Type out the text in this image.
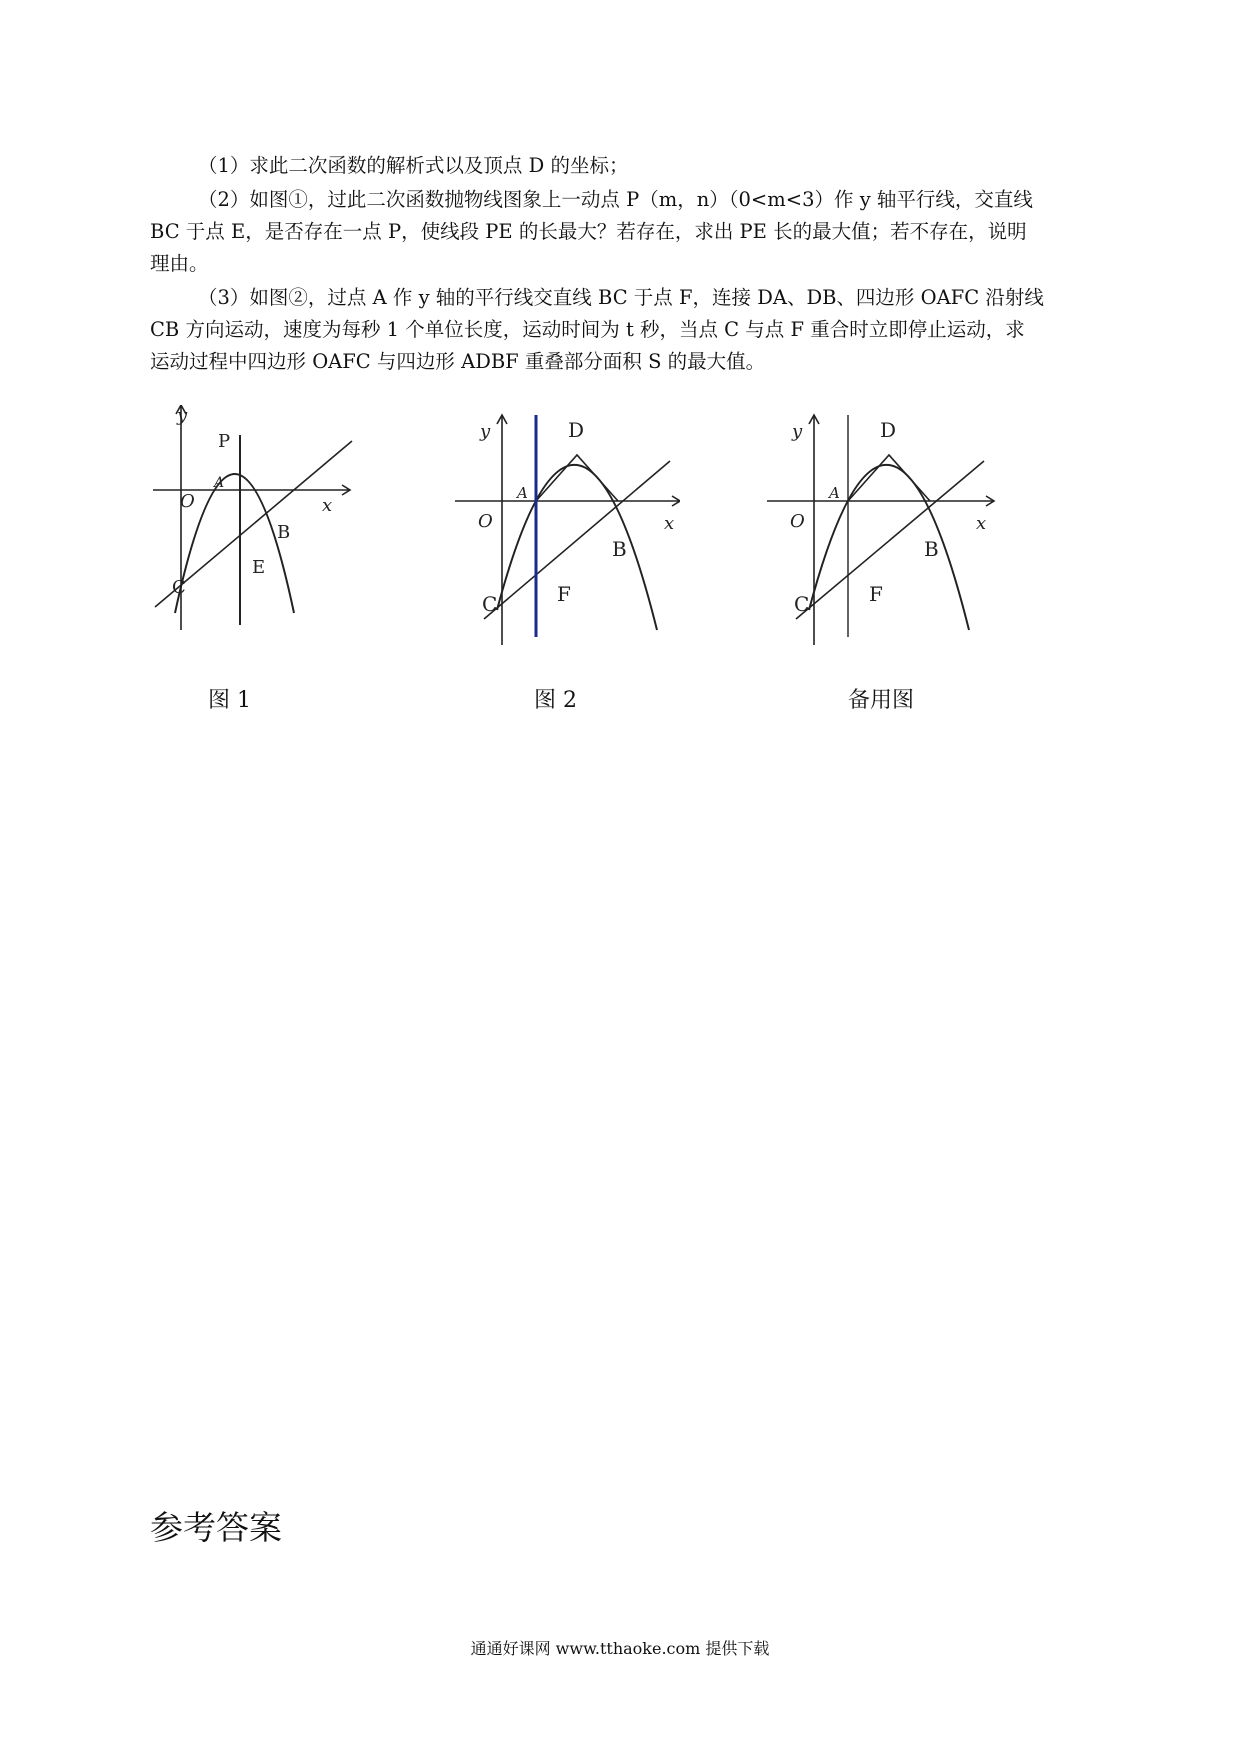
（1）求此二次函数的解析式以及顶点 D 的坐标；
（2）如图①，过此二次函数抛物线图象上一动点 P（m，n）（0<m<3）作 y 轴平行线，交直线
BC 于点 E，是否存在一点 P，使线段 PE 的长最大？若存在，求出 PE 长的最大值；若不存在，说明
理由。
（3）如图②，过点 A 作 y 轴的平行线交直线 BC 于点 F，连接 DA、DB、四边形 OAFC 沿射线
CB 方向运动，速度为每秒 1 个单位长度，运动时间为 t 秒，当点 C 与点 F 重合时立即停止运动，求
运动过程中四边形 OAFC 与四边形 ADBF 重叠部分面积 S 的最大值。
y
x
O
A
P
B
E
C
y
x
O
A
D
B
F
C
y
x
O
A
D
B
F
C
图 1	图 2	备用图
参考答案
通通好课网 www.tthaoke.com 提供下载
